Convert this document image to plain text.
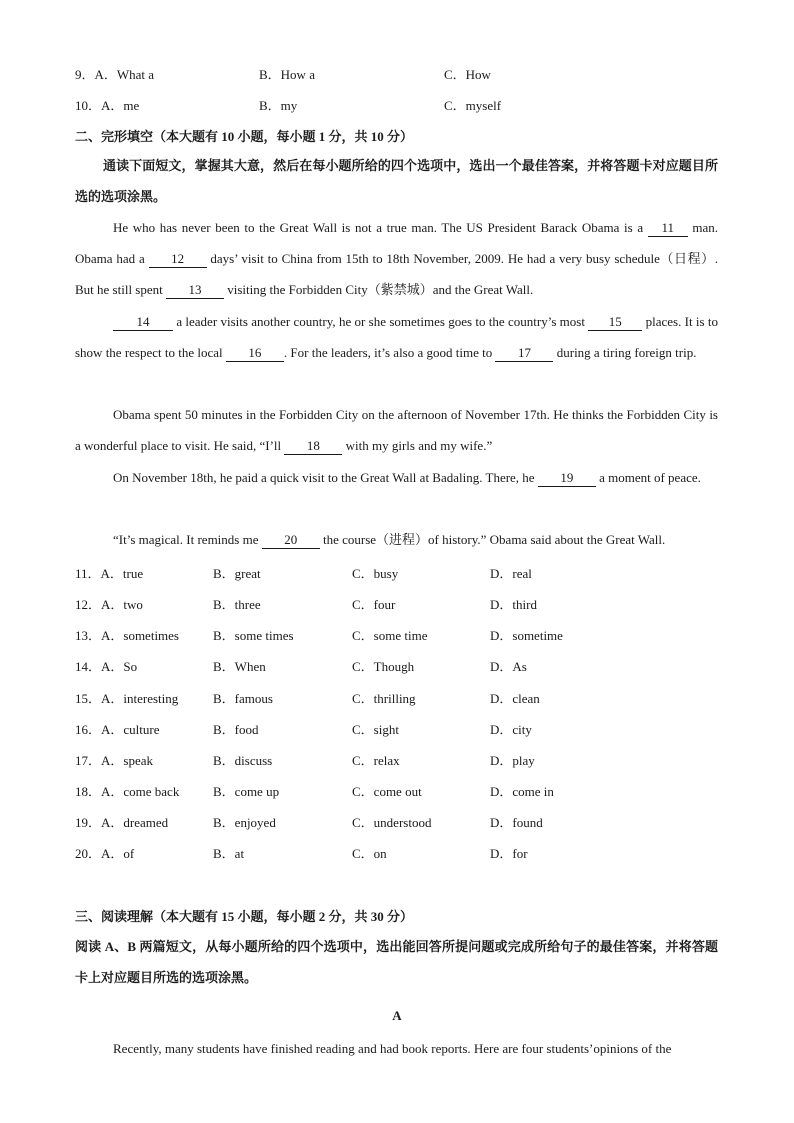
9．A．What a	B．How a	C．How
10．A．me	B．my	C．myself
二、完形填空（本大题有 10 小题，每小题 1 分，共 10 分）
通读下面短文，掌握其大意，然后在每小题所给的四个选项中，选出一个最佳答案，并将答题卡对应题目所选的选项涂黑。
He who has never been to the Great Wall is not a true man. The US President Barack Obama is a 11 man. Obama had a 12 days’ visit to China from 15th to 18th November, 2009. He had a very busy schedule（日程）. But he still spent 13 visiting the Forbidden City（紫禁城）and the Great Wall.
14 a leader visits another country, he or she sometimes goes to the country’s most 15 places. It is to show the respect to the local 16 . For the leaders, it’s also a good time to 17 during a tiring foreign trip.
Obama spent 50 minutes in the Forbidden City on the afternoon of November 17th. He thinks the Forbidden City is a wonderful place to visit. He said, “I’ll 18 with my girls and my wife.”
On November 18th, he paid a quick visit to the Great Wall at Badaling. There, he 19 a moment of peace.
“It’s magical. It reminds me 20 the course（进程）of history.” Obama said about the Great Wall.
11．A．true	B．great	C．busy	D．real
12．A．two	B．three	C．four	D．third
13．A．sometimes	B．some times	C．some time	D．sometime
14．A．So	B．When	C．Though	D．As
15．A．interesting	B．famous	C．thrilling	D．clean
16．A．culture	B．food	C．sight	D．city
17．A．speak	B．discuss	C．relax	D．play
18．A．come back	B．come up	C．come out	D．come in
19．A．dreamed	B．enjoyed	C．understood	D．found
20．A．of	B．at	C．on	D．for
三、阅读理解（本大题有 15 小题，每小题 2 分，共 30 分）
阅读 A、B 两篇短文，从每小题所给的四个选项中，选出能回答所提问题或完成所给句子的最佳答案，并将答题卡上对应题目所选的选项涂黑。
A
Recently, many students have finished reading and had book reports. Here are four students’opinions of the
